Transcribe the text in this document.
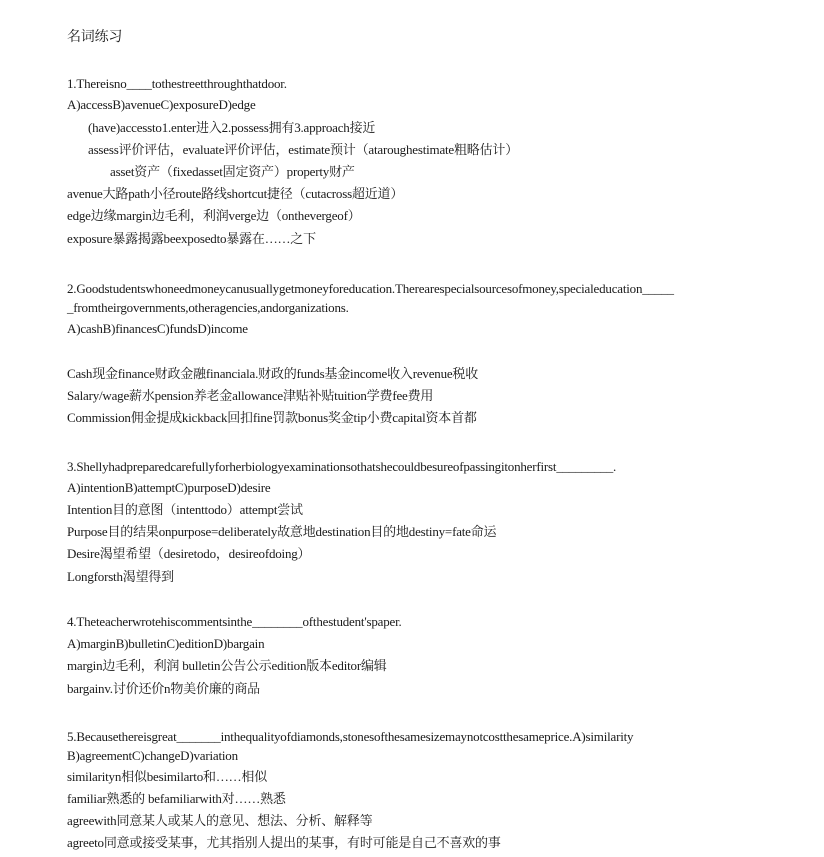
名词练习
1.Thereisno____tothestreetthroughthatdoor.
A)accessB)avenueC)exposureD)edge
(have)accessto1.enter进入2.possess拥有3.approach接近
assess评价评估，evaluate评价评估，estimate预计（ataroughestimate粗略估计）
asset资产（fixedasset固定资产）property财产
avenue大路path小径route路线shortcut捷径（cutacross超近道）
edge边缘margin边毛利，利润verge边（onthevergeof）
exposure暴露揭露beexposedto暴露在……之下
2.Goodstudentswhoneedmoneycanusuallygetmoneyforeducation.Therearespecialsourcesofmoney,specialeducation_____
_fromtheirgovernments,otheragencies,andorganizations.
A)cashB)financesC)fundsD)income
Cash现金finance财政金融financiala.财政的funds基金income收入revenue税收
Salary/wage薪水pension养老金allowance津贴补贴tuition学费fee费用
Commission佣金提成kickback回扣fine罚款bonus奖金tip小费capital资本首都
3.Shellyhadpreparedcarefullyforherbiologyexaminationsothatshecouldbesureofpassingitonherfirst_________.
A)intentionB)attemptC)purposeD)desire
Intention目的意图（intenttodo）attempt尝试
Purpose目的结果onpurpose=deliberately故意地destination目的地destiny=fate命运
Desire渴望希望（desiretodo，desireofdoing）
Longforsth渴望得到
4.Theteacherwrotehiscommentsinthe________ofthestudent'spaper.
A)marginB)bulletinC)editionD)bargain
margin边毛利，利润 bulletin公告公示edition版本editor编辑
bargainv.讨价还价n物美价廉的商品
5.Becausethereisgreat_______inthequalityofdiamonds,stonesofthesamesizemaynotcostthesameprice.A)similarity
B)agreementC)changeD)variation
similarityn相似besimilarto和……相似
familiar熟悉的 befamiliarwith对……熟悉
agreewith同意某人或某人的意见、想法、分析、解释等
agreeto同意或接受某事，尤其指别人提出的某事，有时可能是自己不喜欢的事
